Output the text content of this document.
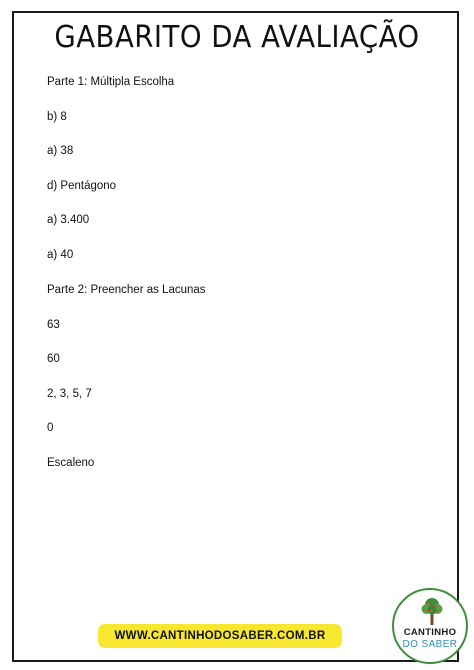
GABARITO DA AVALIAÇÃO
Parte 1: Múltipla Escolha
b) 8
a) 38
d) Pentágono
a) 3.400
a) 40
Parte 2: Preencher as Lacunas
63
60
2, 3, 5, 7
0
Escaleno
WWW.CANTINHODOSABER.COM.BR	CANTINHO
DO SABER
